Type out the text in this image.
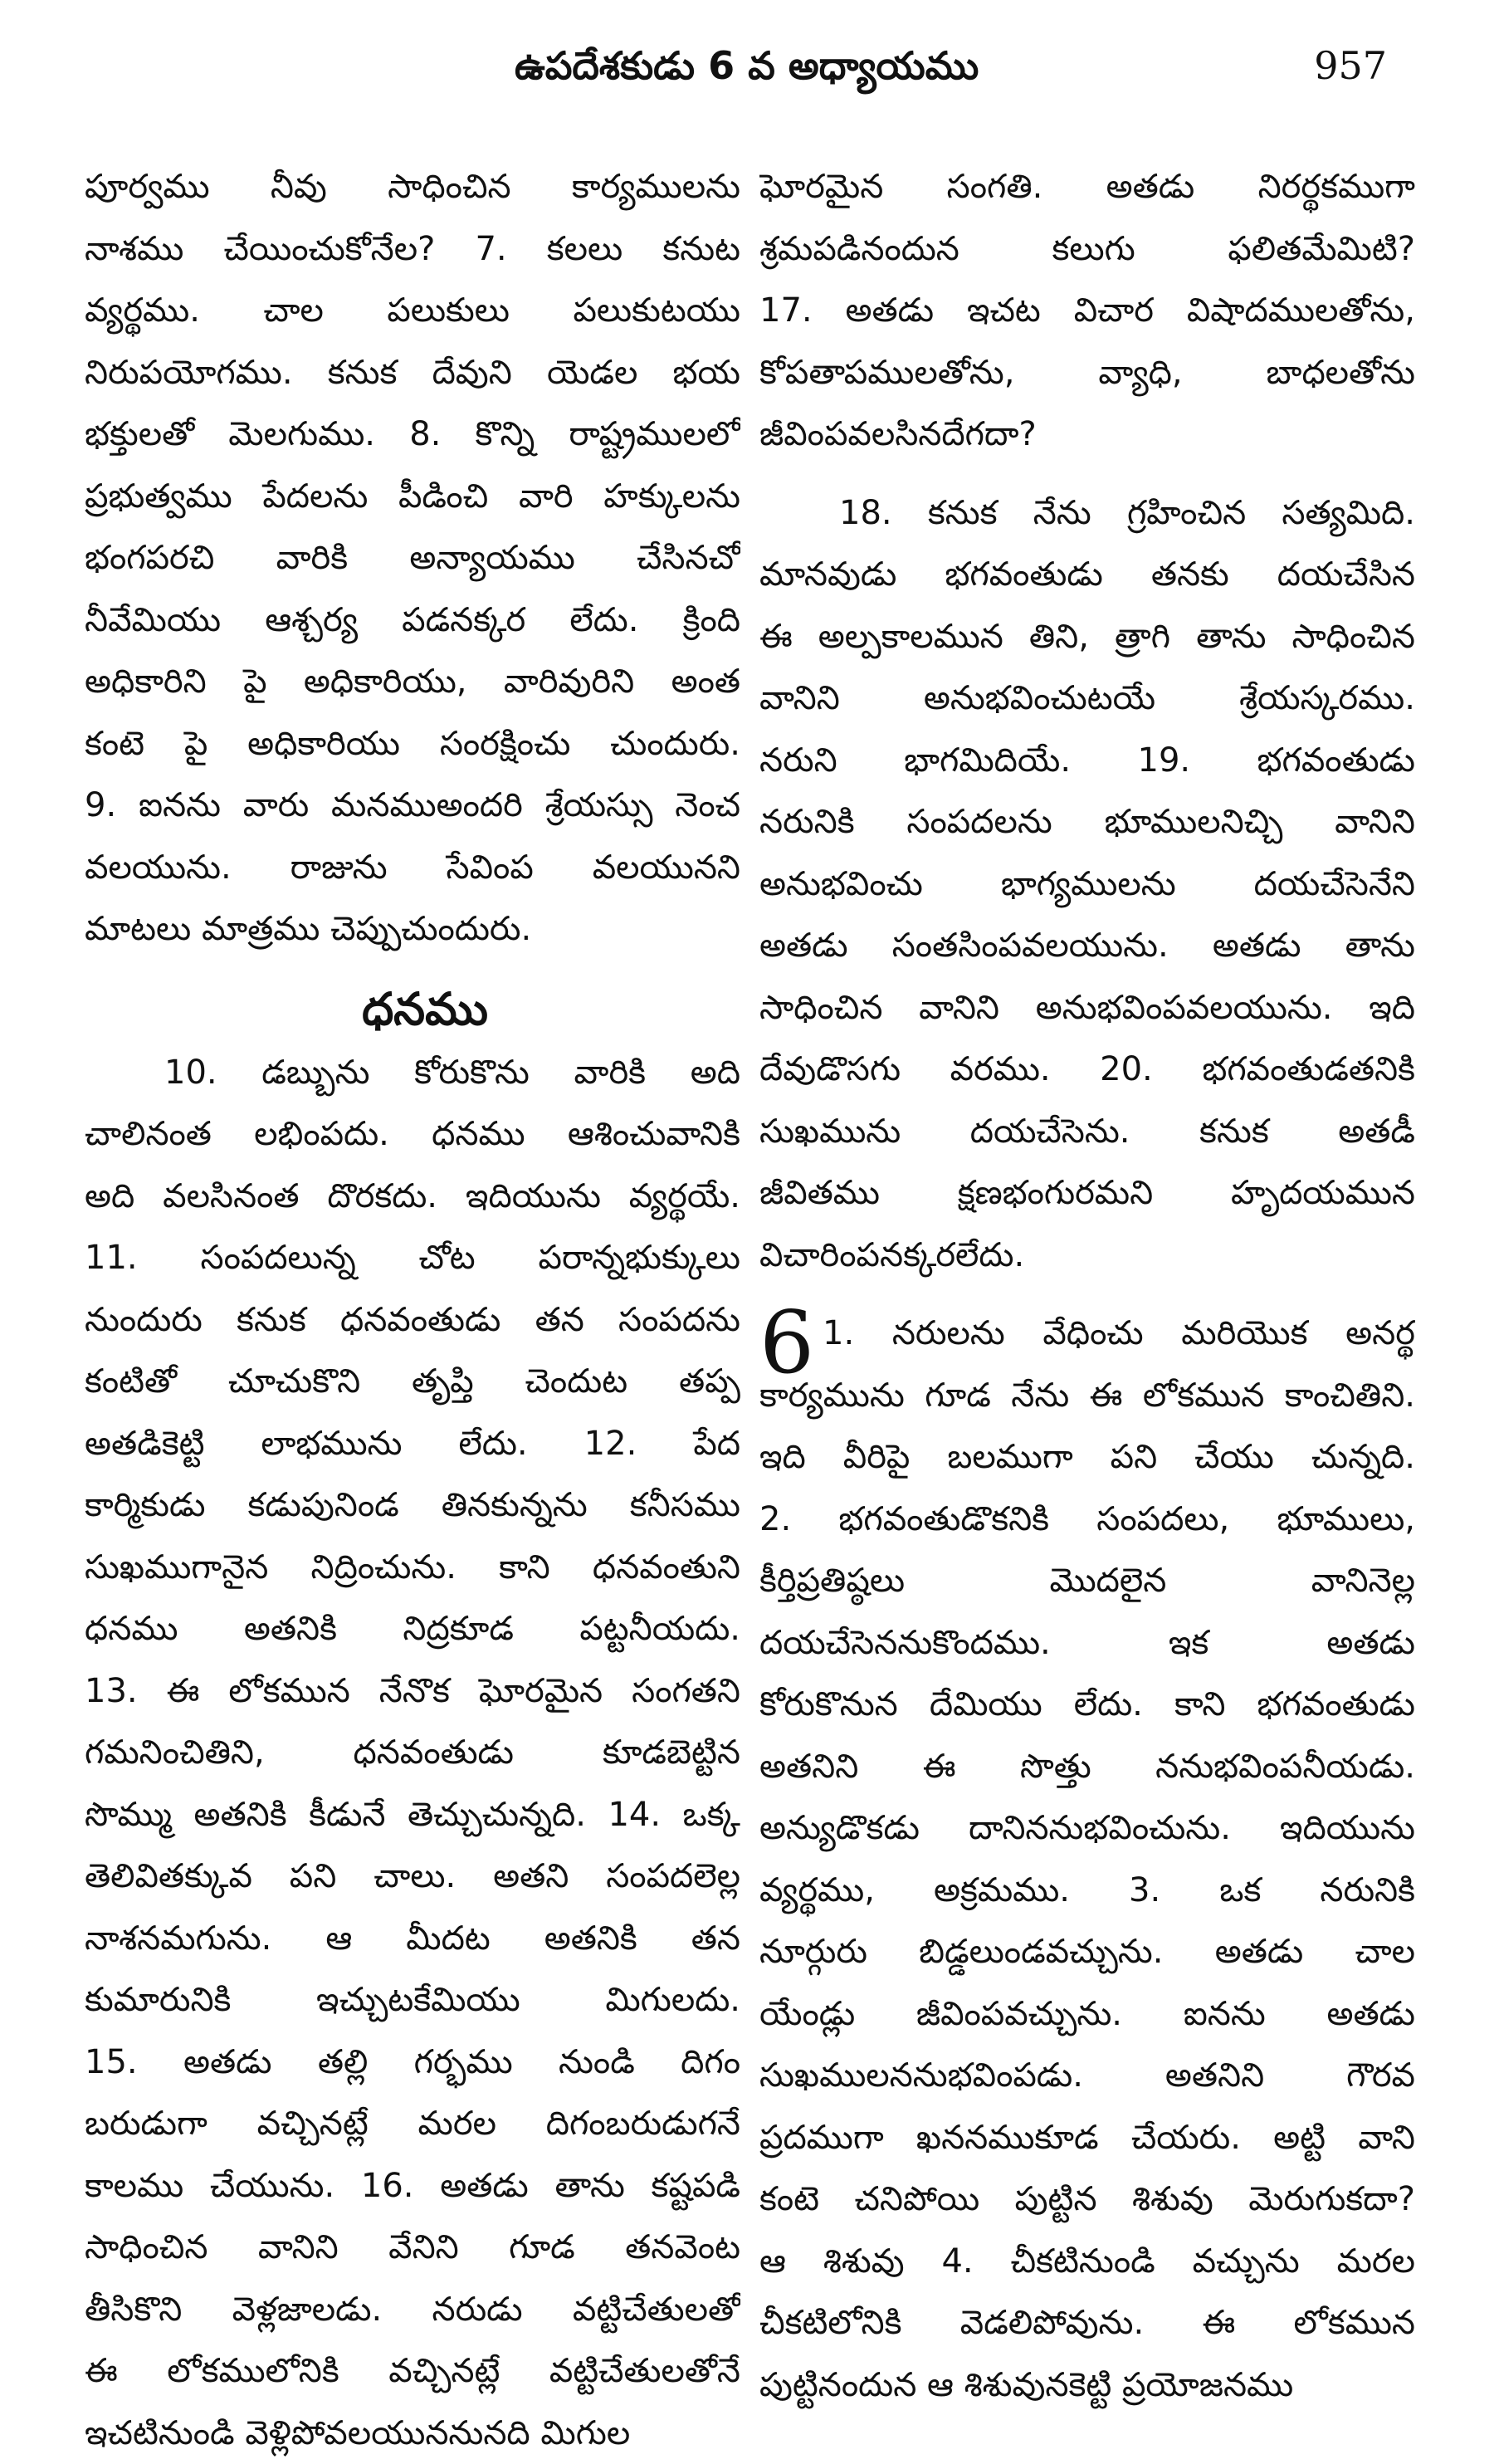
ఉపదేశకుడు 6 వ అధ్యాయము	957
పూర్వము నీవు సాధించిన కార్యములను
నాశము చేయించుకోనేల? 7. కలలు కనుట
వ్యర్థము. చాల పలుకులు పలుకుటయు
నిరుపయోగము. కనుక దేవుని యెడల భయ
భక్తులతో మెలగుము. 8. కొన్ని రాష్ట్రములలో
ప్రభుత్వము పేదలను పీడించి వారి హక్కులను
భంగపరచి వారికి అన్యాయము చేసినచో
నీవేమియు ఆశ్చర్య పడనక్కర లేదు. క్రింది
అధికారిని పై అధికారియు, వారివురిని అంత
కంటె పై అధికారియు సంరక్షించు చుందురు.
9. ఐనను వారు మనముఅందరి శ్రేయస్సు నెంచ
వలయును. రాజును సేవింప వలయునని
మాటలు మాత్రము చెప్పుచుందురు.
ధనము
10. డబ్బును కోరుకొను వారికి అది
చాలినంత లభింపదు. ధనము ఆశించువానికి
అది వలసినంత దొరకదు. ఇదియును వ్యర్థయే.
11. సంపదలున్న చోట పరాన్నభుక్కులు
నుందురు కనుక ధనవంతుడు తన సంపదను
కంటితో చూచుకొని తృప్తి చెందుట తప్ప
అతడికెట్టి లాభమును లేదు. 12. పేద
కార్మికుడు కడుపునిండ తినకున్నను కనీసము
సుఖముగానైన నిద్రించును. కాని ధనవంతుని
ధనము అతనికి నిద్రకూడ పట్టనీయదు.
13. ఈ లోకమున నేనొక ఘోరమైన సంగతని
గమనించితిని, ధనవంతుడు కూడబెట్టిన
సొమ్ము అతనికి కీడునే తెచ్చుచున్నది. 14. ఒక్క
తెలివితక్కువ పని చాలు. అతని సంపదలెల్ల
నాశనమగును. ఆ మీదట అతనికి తన
కుమారునికి ఇచ్చుటకేమియు మిగులదు.
15. అతడు తల్లి గర్భము నుండి దిగం
బరుడుగా వచ్చినట్లే మరల దిగంబరుడుగనే
కాలము చేయును. 16. అతడు తాను కష్టపడి
సాధించిన వానిని వేనిని గూడ తనవెంట
తీసికొని వెళ్లజాలడు. నరుడు వట్టిచేతులతో
ఈ లోకములోనికి వచ్చినట్లే వట్టిచేతులతోనే
ఇచటినుండి వెళ్లిపోవలయుననునది మిగుల
ఘోరమైన సంగతి. అతడు నిరర్థకముగా
శ్రమపడినందున కలుగు ఫలితమేమిటి?
17. అతడు ఇచట విచార విషాదములతోను,
కోపతాపములతోను, వ్యాధి, బాధలతోను
జీవింపవలసినదేగదా?
18. కనుక నేను గ్రహించిన సత్యమిది.
మానవుడు భగవంతుడు తనకు దయచేసిన
ఈ అల్పకాలమున తిని, త్రాగి తాను సాధించిన
వానిని అనుభవించుటయే శ్రేయస్కరము.
నరుని భాగమిదియే. 19. భగవంతుడు
నరునికి సంపదలను భూములనిచ్చి వానిని
అనుభవించు భాగ్యములను దయచేసెనేని
అతడు సంతసింపవలయును. అతడు తాను
సాధించిన వానిని అనుభవింపవలయును. ఇది
దేవుడొసగు వరము. 20. భగవంతుడతనికి
సుఖమును దయచేసెను. కనుక అతడీ
జీవితము క్షణభంగురమని హృదయమున
విచారింపనక్కరలేదు.
6 1. నరులను వేధించు మరియొక అనర్థ
కార్యమును గూడ నేను ఈ లోకమున కాంచితిని.
ఇది వీరిపై బలముగా పని చేయు చున్నది.
2. భగవంతుడొకనికి సంపదలు, భూములు,
కీర్తిప్రతిష్ఠలు మొదలైన వానినెల్ల
దయచేసెననుకొందము. ఇక అతడు
కోరుకొనున దేమియు లేదు. కాని భగవంతుడు
అతనిని ఈ సొత్తు ననుభవింపనీయడు.
అన్యుడొకడు దానిననుభవించును. ఇదియును
వ్యర్థము, అక్రమము. 3. ఒక నరునికి
నూర్గురు బిడ్డలుండవచ్చును. అతడు చాల
యేండ్లు జీవింపవచ్చును. ఐనను అతడు
సుఖములననుభవింపడు. అతనిని గౌరవ
ప్రదముగా ఖననముకూడ చేయరు. అట్టి వాని
కంటె చనిపోయి పుట్టిన శిశువు మెరుగుకదా?
ఆ శిశువు 4. చీకటినుండి వచ్చును మరల
చీకటిలోనికి వెడలిపోవును. ఈ లోకమున
పుట్టినందున ఆ శిశువునకెట్టి ప్రయోజనము
